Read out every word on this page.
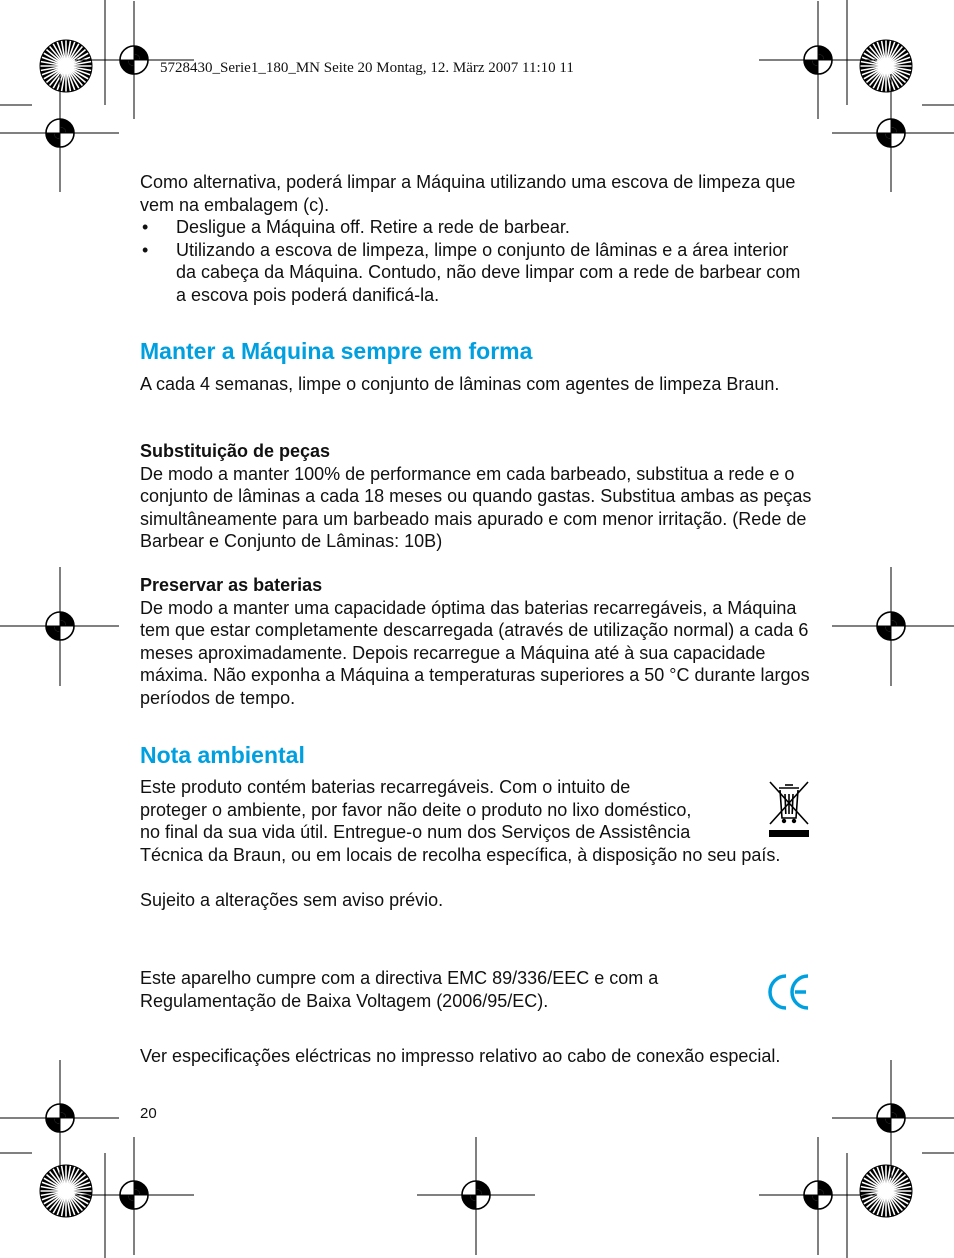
5728430_Serie1_180_MN Seite 20 Montag, 12. März 2007 11:10 11
Como alternativa, poderá limpar a Máquina utilizando uma escova de limpeza que vem na embalagem (c).
• Desligue a Máquina off. Retire a rede de barbear.
• Utilizando a escova de limpeza, limpe o conjunto de lâminas e a área interior da cabeça da Máquina. Contudo, não deve limpar com a rede de barbear com a escova pois poderá danificá-la.
Manter a Máquina sempre em forma
A cada 4 semanas, limpe o conjunto de lâminas com agentes de limpeza Braun.
Substituição de peças
De modo a manter 100% de performance em cada barbeado, substitua a rede e o conjunto de lâminas a cada 18 meses ou quando gastas. Substitua ambas as peças simultâneamente para um barbeado mais apurado e com menor irritação. (Rede de Barbear e Conjunto de Lâminas: 10B)
Preservar as baterias
De modo a manter uma capacidade óptima das baterias recarregáveis, a Máquina tem que estar completamente descarregada (através de utilização normal) a cada 6 meses aproximadamente. Depois recarregue a Máquina até à sua capacidade máxima. Não exponha a Máquina a temperaturas superiores a 50 °C durante largos períodos de tempo.
Nota ambiental
Este produto contém baterias recarregáveis. Com o intuito de
proteger o ambiente, por favor não deite o produto no lixo doméstico,
no final da sua vida útil. Entregue-o num dos Serviços de Assistência
Técnica da Braun, ou em locais de recolha específica, à disposição no seu país.
Sujeito a alterações sem aviso prévio.
Este aparelho cumpre com a directiva EMC 89/336/EEC e com a Regulamentação de Baixa Voltagem (2006/95/EC).
Ver especificações eléctricas no impresso relativo ao cabo de conexão especial.
20
